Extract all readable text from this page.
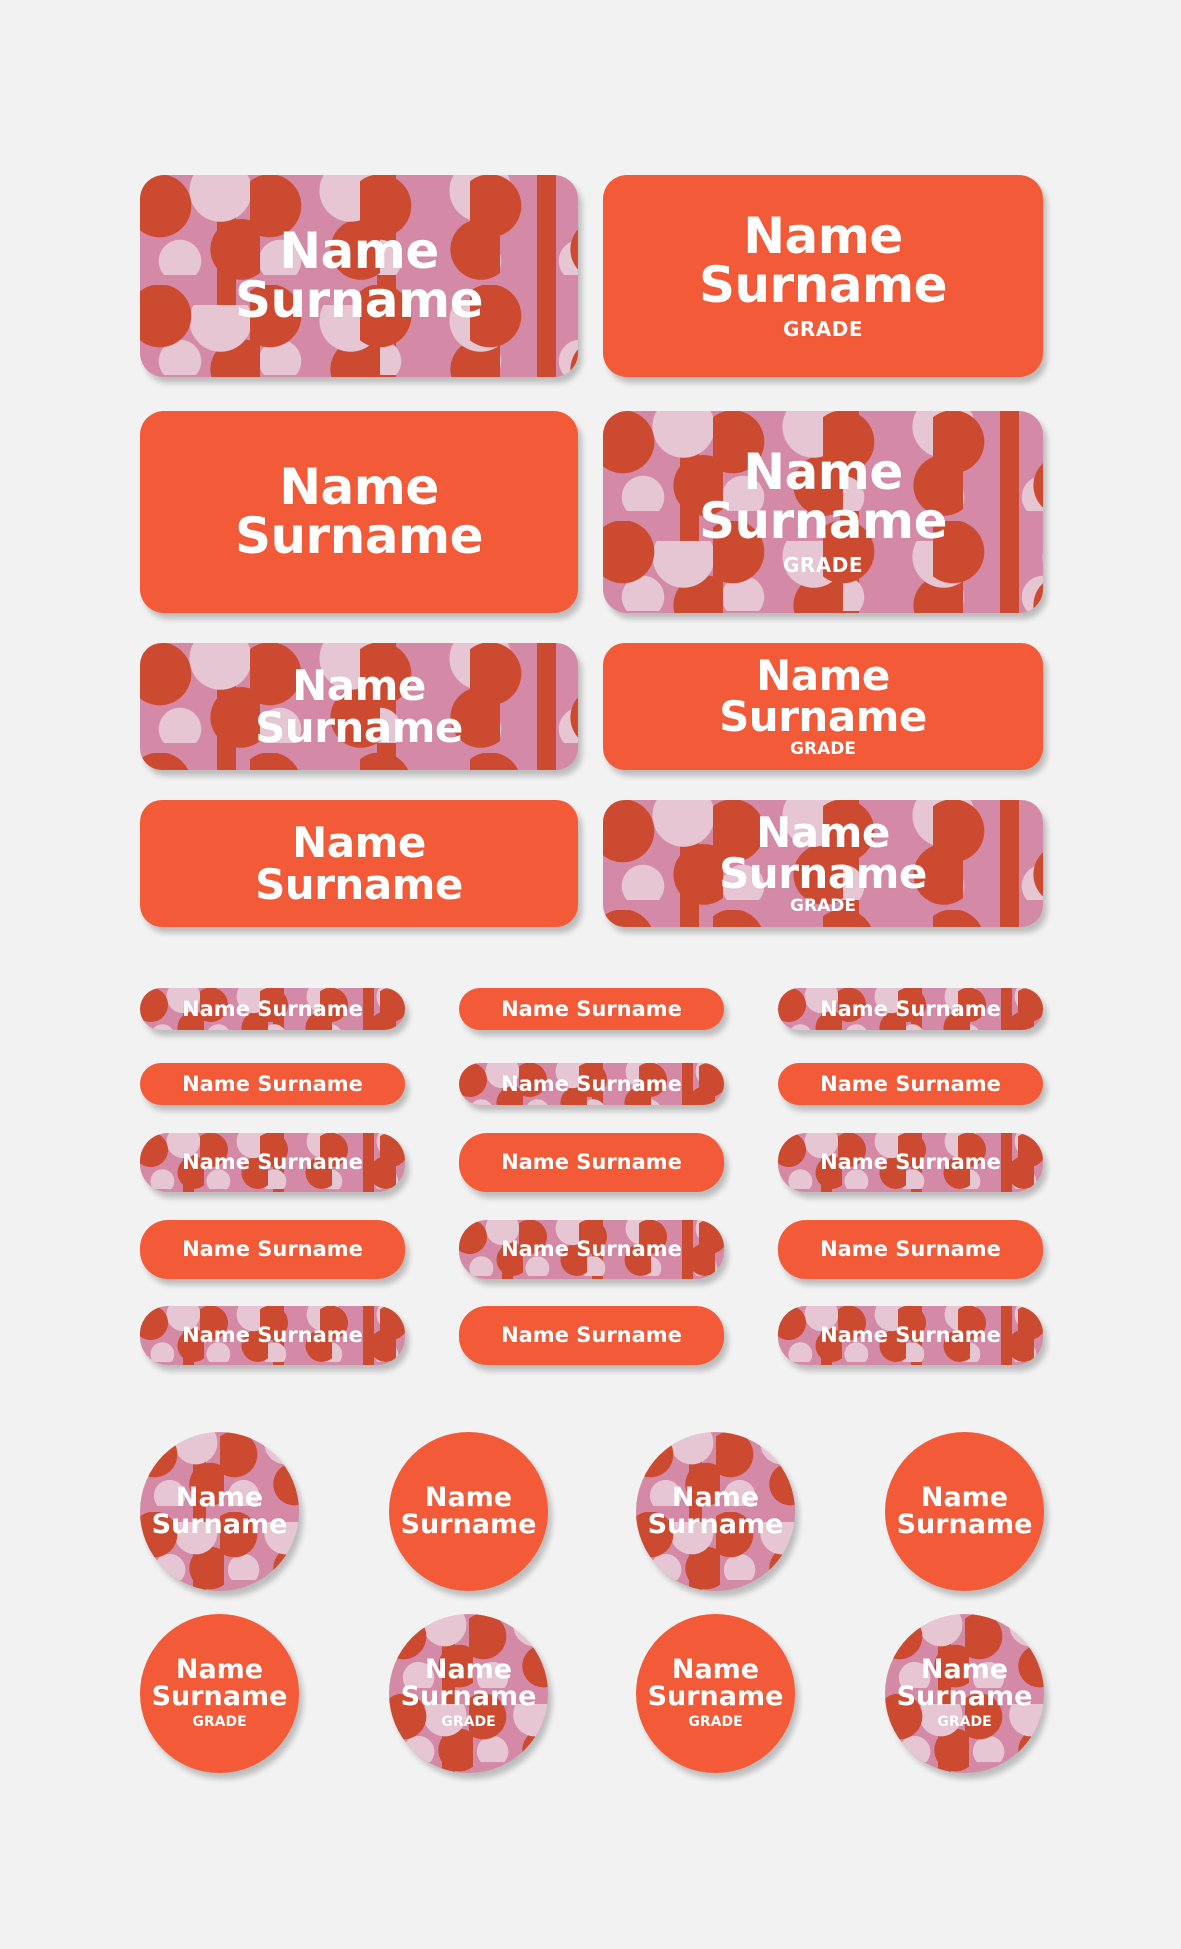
Name
Surname
Name
Surname
GRADE
Name
Surname
Name
Surname
GRADE
Name
Surname
Name
Surname
GRADE
Name
Surname
Name
Surname
GRADE
Name Surname	Name Surname	Name Surname
Name Surname	Name Surname	Name Surname
Name Surname	Name Surname	Name Surname
Name Surname	Name Surname	Name Surname
Name Surname	Name Surname	Name Surname
Name
Surname
Name
Surname
Name
Surname
Name
Surname
Name
Surname
GRADE
Name
Surname
GRADE
Name
Surname
GRADE
Name
Surname
GRADE
